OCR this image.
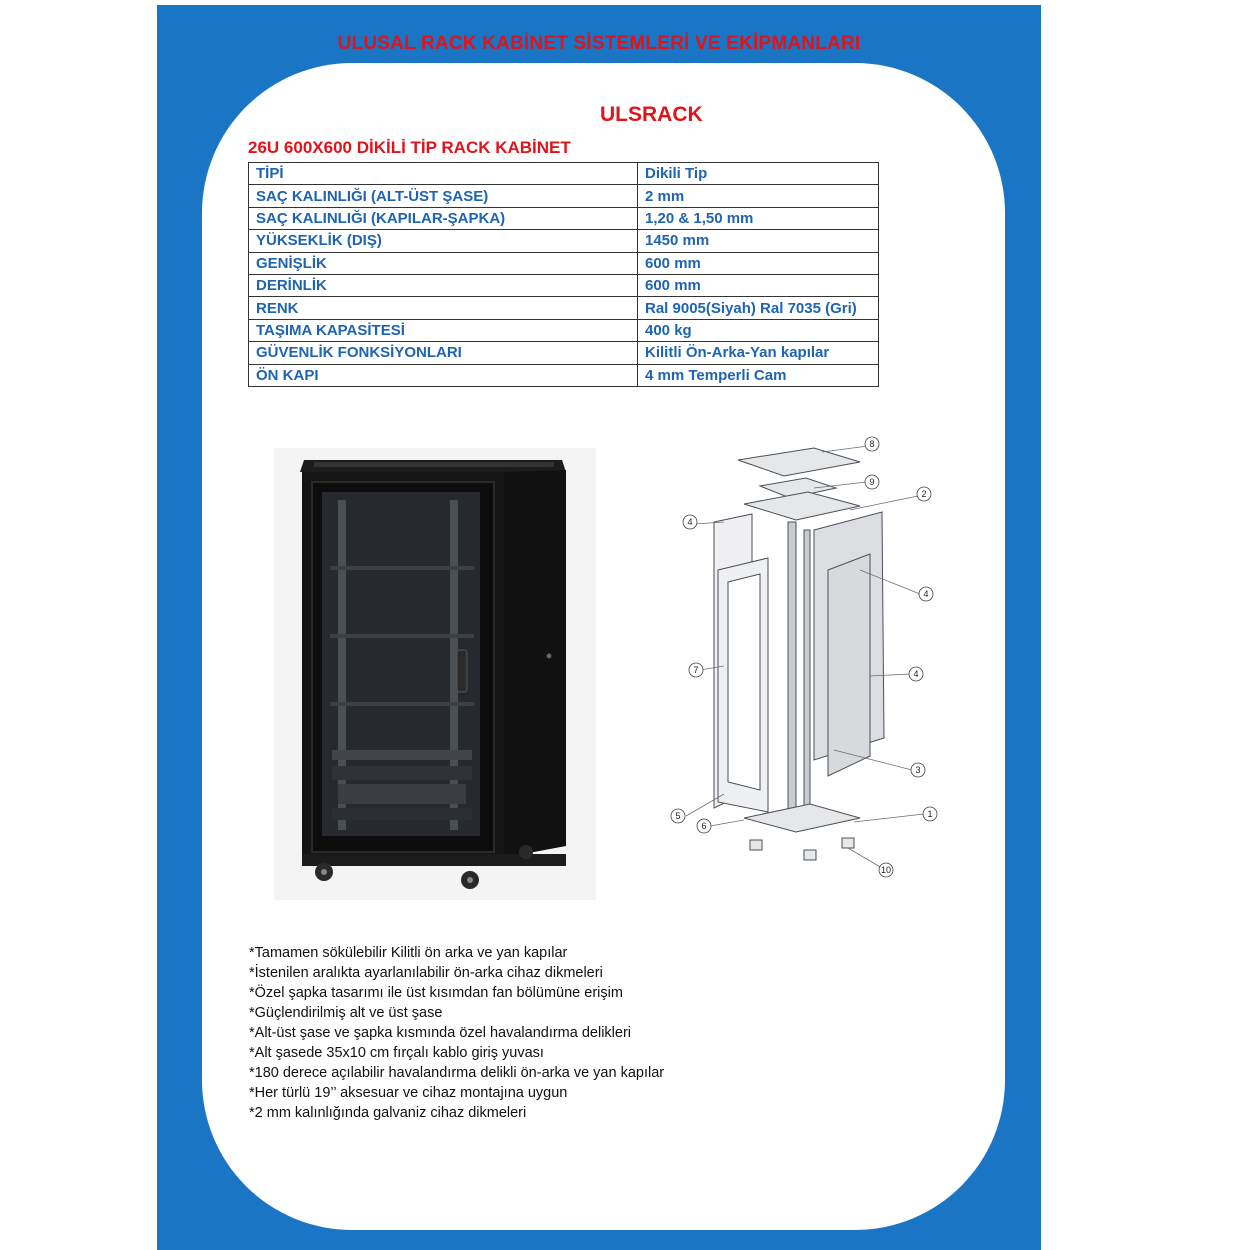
ULUSAL RACK KABİNET SİSTEMLERİ VE EKİPMANLARI
ULSRACK
26U 600X600 DİKİLİ TİP RACK KABİNET
TİPİ	Dikili Tip
SAÇ KALINLIĞI (ALT-ÜST ŞASE)	2 mm
SAÇ KALINLIĞI (KAPILAR-ŞAPKA)	1,20 & 1,50 mm
YÜKSEKLİK (DIŞ)	1450 mm
GENİŞLİK	600 mm
DERİNLİK	600 mm
RENK	Ral 9005(Siyah) Ral 7035 (Gri)
TAŞIMA KAPASİTESİ	400 kg
GÜVENLİK FONKSİYONLARI	Kilitli Ön-Arka-Yan kapılar
ÖN KAPI	4 mm Temperli Cam
8
9
2
4
4
4
7
3
5
6
1
10
*Tamamen sökülebilir Kilitli ön arka ve yan kapılar
*İstenilen aralıkta ayarlanılabilir ön-arka cihaz dikmeleri
*Özel şapka tasarımı ile üst kısımdan fan bölümüne erişim
*Güçlendirilmiş alt ve üst şase
*Alt-üst şase ve şapka kısmında özel havalandırma delikleri
*Alt şasede 35x10 cm fırçalı kablo giriş yuvası
*180 derece açılabilir havalandırma delikli ön-arka ve yan kapılar
*Her türlü 19’’ aksesuar ve cihaz montajına uygun
*2 mm kalınlığında galvaniz cihaz dikmeleri
